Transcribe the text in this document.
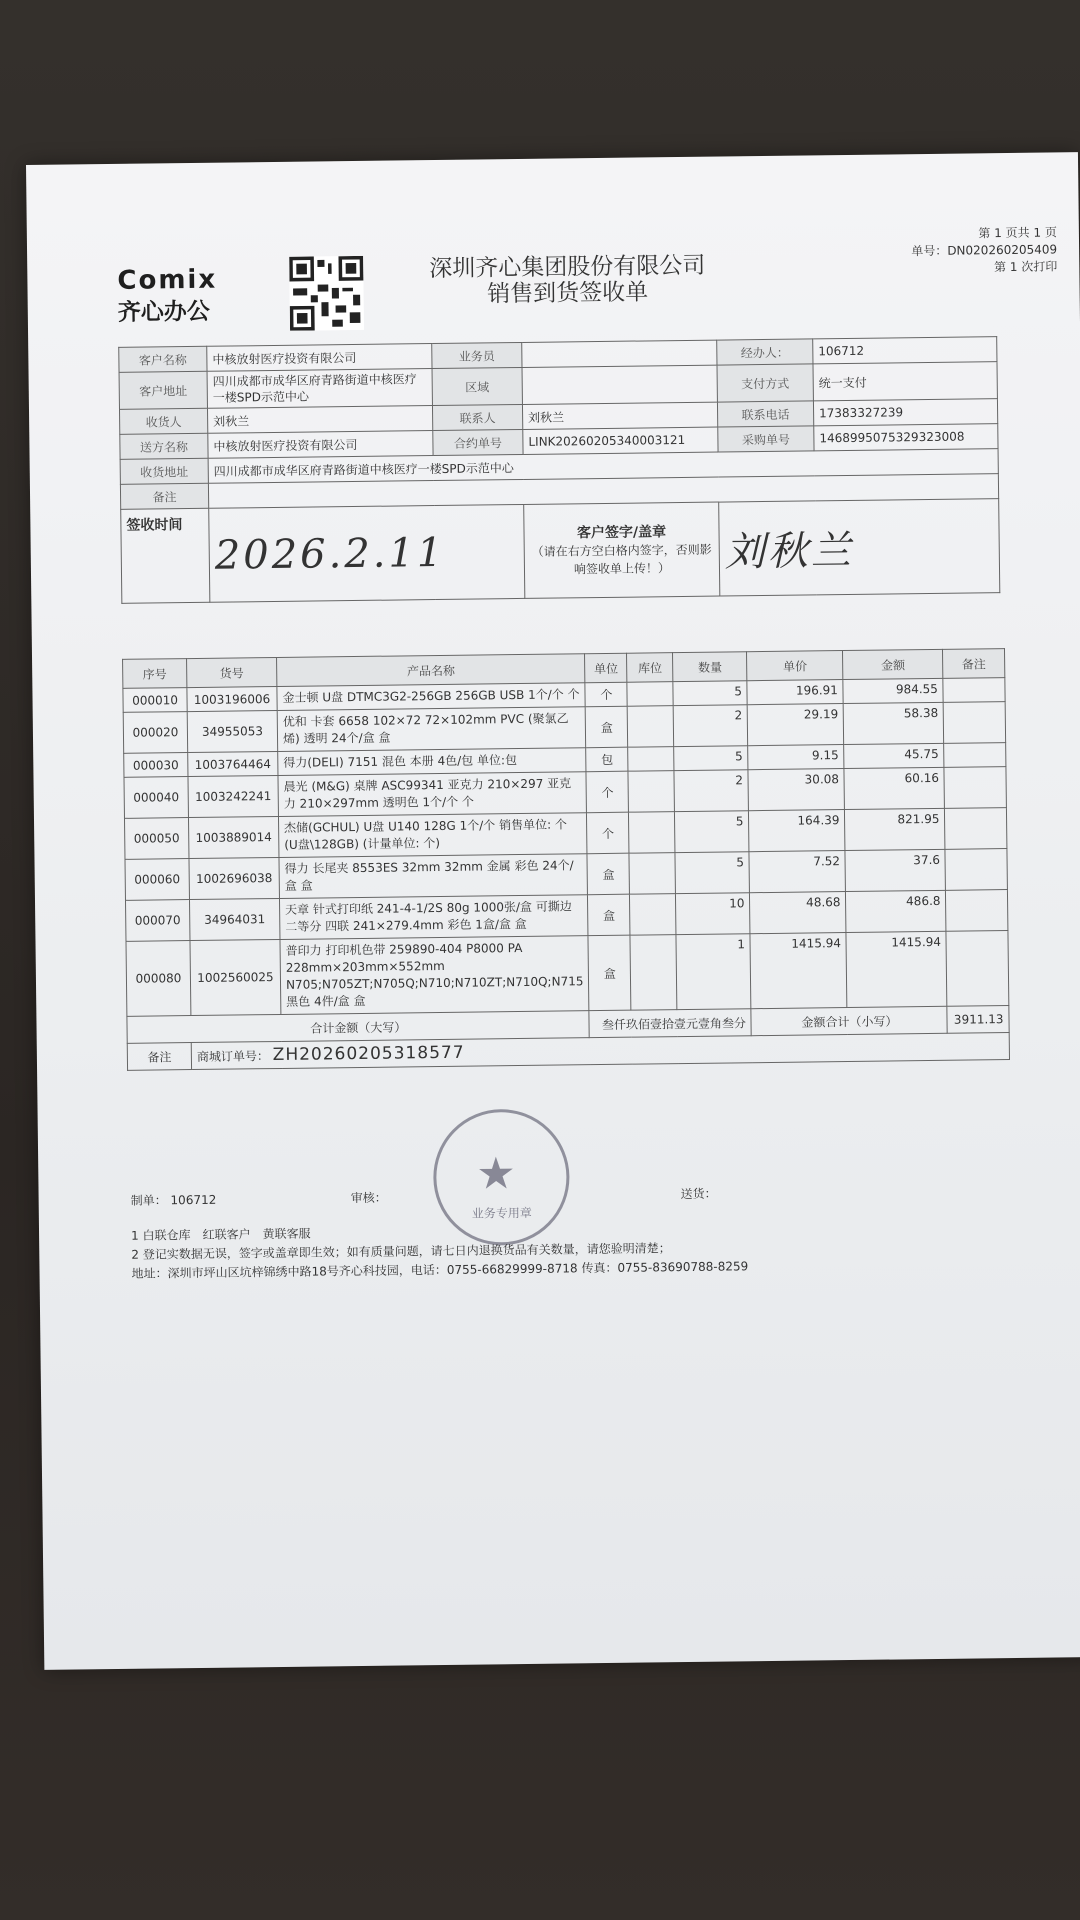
Comix
齐心办公
深圳齐心集团股份有限公司
销售到货签收单
第 1 页共 1 页
单号：DN020260205409
第 1 次打印
客户名称	中核放射医疗投资有限公司	业务员		经办人：	106712
客户地址	四川成都市成华区府青路街道中核医疗一楼SPD示范中心	区域		支付方式	统一支付
收货人	刘秋兰	联系人	刘秋兰	联系电话	17383327239
送方名称	中核放射医疗投资有限公司	合约单号	LINK20260205340003121	采购单号	1468995075329323008
收货地址	四川成都市成华区府青路街道中核医疗一楼SPD示范中心				
备注					
签收时间	2026.2.11		客户签字/盖章
（请在右方空白格内签字，否则影响签收单上传！）	刘秋兰	
序号	货号	产品名称	单位	库位	数量	单价	金额	备注
000010	1003196006	金士顿 U盘 DTMC3G2-256GB 256GB USB 1个/个 个	个		5	196.91	984.55	
000020	34955053	优和 卡套 6658 102×72 72×102mm PVC (聚氯乙烯) 透明 24个/盒 盒	盒		2	29.19	58.38	
000030	1003764464	得力(DELI) 7151 混色 本册 4色/包 单位:包	包		5	9.15	45.75	
000040	1003242241	晨光 (M&G) 桌牌 ASC99341 亚克力 210×297 亚克力 210×297mm 透明色 1个/个 个	个		2	30.08	60.16	
000050	1003889014	杰储(GCHUL) U盘 U140 128G 1个/个 销售单位: 个 (U盘\128GB) (计量单位: 个)	个		5	164.39	821.95	
000060	1002696038	得力 长尾夹 8553ES 32mm 32mm 金属 彩色 24个/盒 盒	盒		5	7.52	37.6	
000070	34964031	天章 针式打印纸 241-4-1/2S 80g 1000张/盒 可撕边 二等分 四联 241×279.4mm 彩色 1盒/盒 盒	盒		10	48.68	486.8	
000080	1002560025	普印力 打印机色带 259890-404 P8000 PA 228mm×203mm×552mm N705;N705ZT;N705Q;N710;N710ZT;N710Q;N715 黑色 4件/盒 盒	盒		1	1415.94	1415.94	
合计金额（大写）			叁仟玖佰壹拾壹元壹角叁分			金额合计（小写）		3911.13
备注	商城订单号： ZH20260205318577							
★
业务专用章
制单： 106712	审核：	送货：
1 白联仓库　红联客户　黄联客服
2 登记实数据无误，签字或盖章即生效；如有质量问题，请七日内退换货品有关数量，请您验明清楚；
地址：深圳市坪山区坑梓锦绣中路18号齐心科技园，电话：0755-66829999-8718 传真：0755-83690788-8259
